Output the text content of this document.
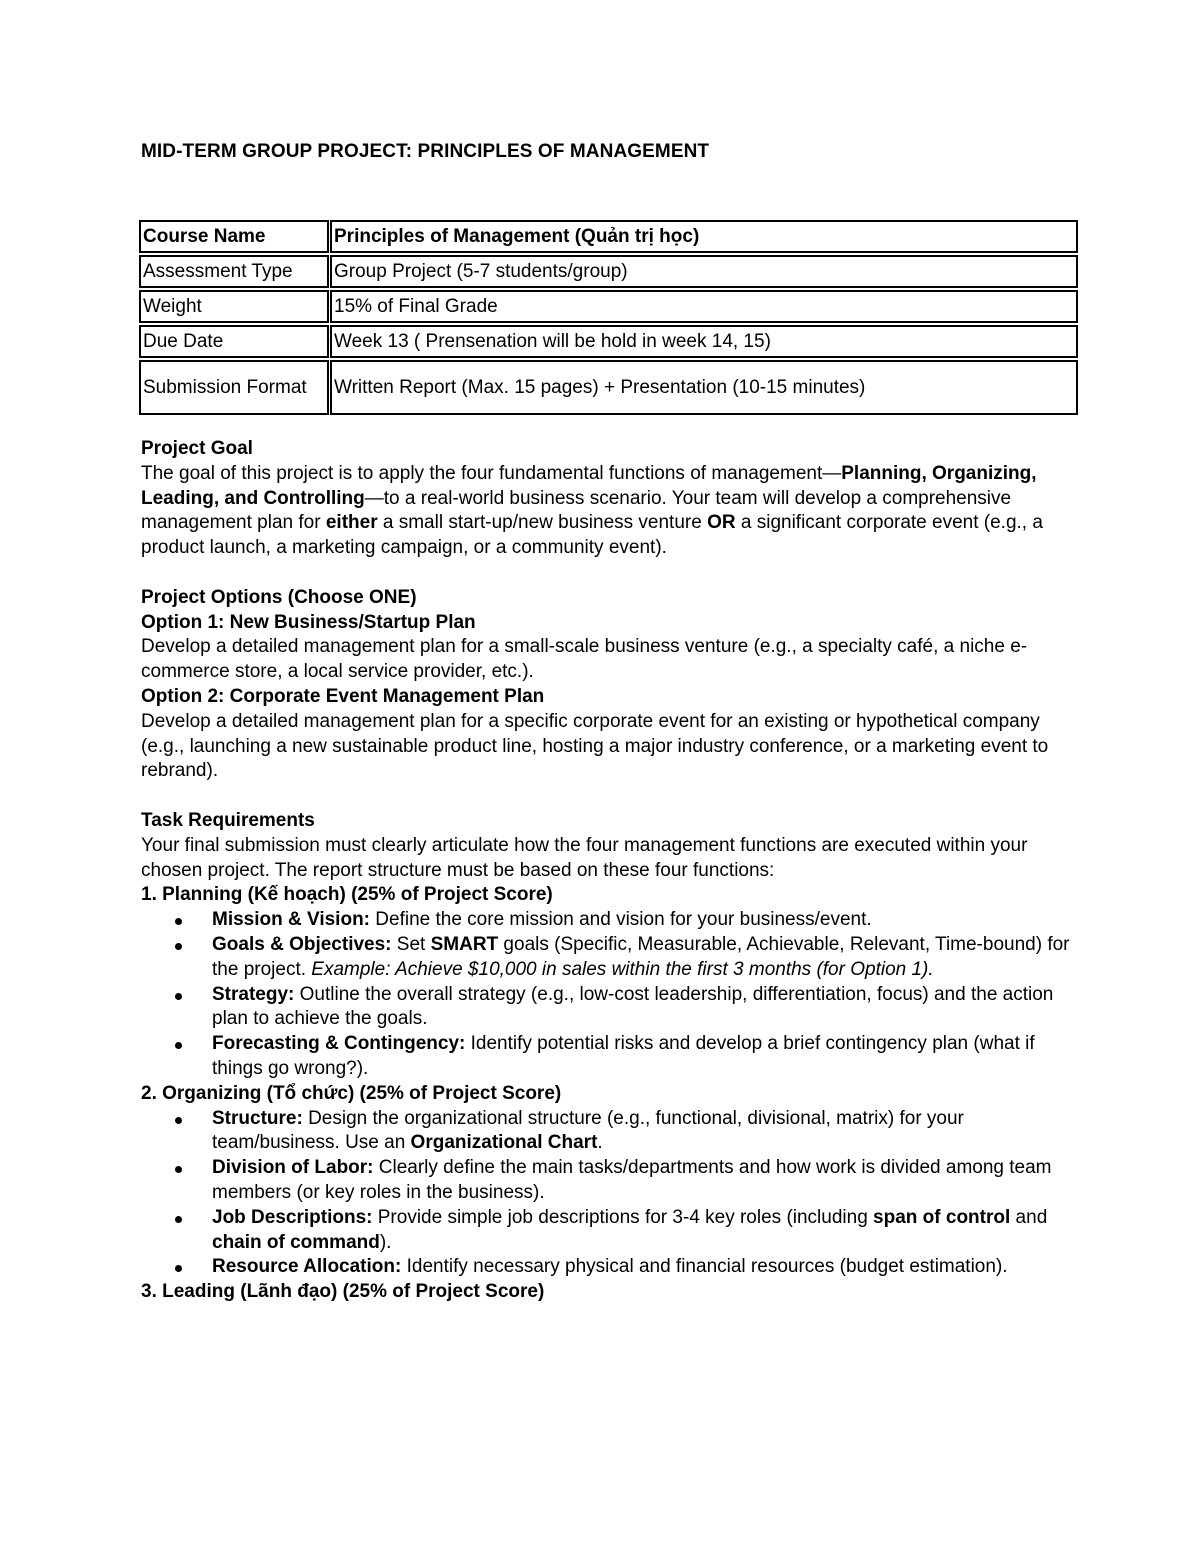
MID-TERM GROUP PROJECT: PRINCIPLES OF MANAGEMENT
Course Name	Principles of Management (Quản trị học)
Assessment Type	Group Project (5-7 students/group)
Weight	15% of Final Grade
Due Date	Week 13 ( Prensenation will be hold in week 14, 15)
Submission Format	Written Report (Max. 15 pages) + Presentation (10-15 minutes)

Project Goal

The goal of this project is to apply the four fundamental functions of management—Planning, Organizing, Leading, and Controlling—to a real-world business scenario. Your team will develop a comprehensive management plan for either a small start-up/new business venture OR a significant corporate event (e.g., a product launch, a marketing campaign, or a community event).

Project Options (Choose ONE)

Option 1: New Business/Startup Plan

Develop a detailed management plan for a small-scale business venture (e.g., a specialty café, a niche e-commerce store, a local service provider, etc.).

Option 2: Corporate Event Management Plan

Develop a detailed management plan for a specific corporate event for an existing or hypothetical company (e.g., launching a new sustainable product line, hosting a major industry conference, or a marketing event to rebrand).

Task Requirements

Your final submission must clearly articulate how the four management functions are executed within your chosen project. The report structure must be based on these four functions:

1. Planning (Kế hoạch) (25% of Project Score)

Mission & Vision: Define the core mission and vision for your business/event.
Goals & Objectives: Set SMART goals (Specific, Measurable, Achievable, Relevant, Time-bound) for the project. Example: Achieve $10,000 in sales within the first 3 months (for Option 1).
Strategy: Outline the overall strategy (e.g., low-cost leadership, differentiation, focus) and the action plan to achieve the goals.
Forecasting & Contingency: Identify potential risks and develop a brief contingency plan (what if things go wrong?).

2. Organizing (Tổ chức) (25% of Project Score)

Structure: Design the organizational structure (e.g., functional, divisional, matrix) for your team/business. Use an Organizational Chart.
Division of Labor: Clearly define the main tasks/departments and how work is divided among team members (or key roles in the business).
Job Descriptions: Provide simple job descriptions for 3-4 key roles (including span of control and chain of command).
Resource Allocation: Identify necessary physical and financial resources (budget estimation).

3. Leading (Lãnh đạo) (25% of Project Score)
